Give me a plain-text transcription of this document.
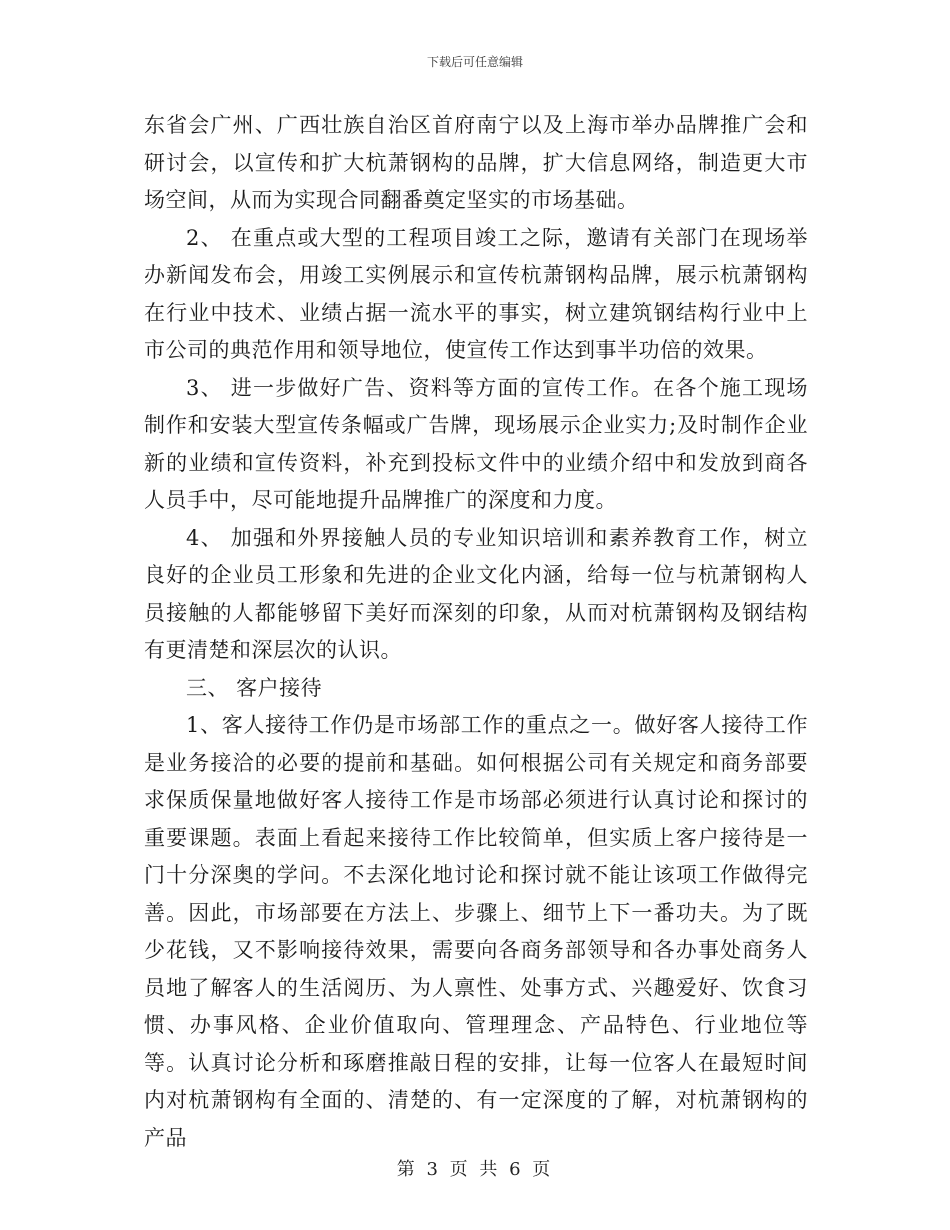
下载后可任意编辑

东省会广州、广西壮族自治区首府南宁以及上海市举办品牌推广会和研讨会，以宣传和扩大杭萧钢构的品牌，扩大信息网络，制造更大市场空间，从而为实现合同翻番奠定坚实的市场基础。

2、 在重点或大型的工程项目竣工之际，邀请有关部门在现场举办新闻发布会，用竣工实例展示和宣传杭萧钢构品牌，展示杭萧钢构在行业中技术、业绩占据一流水平的事实，树立建筑钢结构行业中上市公司的典范作用和领导地位，使宣传工作达到事半功倍的效果。

3、 进一步做好广告、资料等方面的宣传工作。在各个施工现场制作和安装大型宣传条幅或广告牌，现场展示企业实力;及时制作企业新的业绩和宣传资料，补充到投标文件中的业绩介绍中和发放到商各人员手中，尽可能地提升品牌推广的深度和力度。

4、 加强和外界接触人员的专业知识培训和素养教育工作，树立良好的企业员工形象和先进的企业文化内涵，给每一位与杭萧钢构人员接触的人都能够留下美好而深刻的印象，从而对杭萧钢构及钢结构有更清楚和深层次的认识。

三、 客户接待

1、客人接待工作仍是市场部工作的重点之一。做好客人接待工作是业务接洽的必要的提前和基础。如何根据公司有关规定和商务部要求保质保量地做好客人接待工作是市场部必须进行认真讨论和探讨的重要课题。表面上看起来接待工作比较简单，但实质上客户接待是一门十分深奥的学问。不去深化地讨论和探讨就不能让该项工作做得完善。因此，市场部要在方法上、步骤上、细节上下一番功夫。为了既少花钱，又不影响接待效果，需要向各商务部领导和各办事处商务人员地了解客人的生活阅历、为人禀性、处事方式、兴趣爱好、饮食习惯、办事风格、企业价值取向、管理理念、产品特色、行业地位等等。认真讨论分析和琢磨推敲日程的安排，让每一位客人在最短时间内对杭萧钢构有全面的、清楚的、有一定深度的了解，对杭萧钢构的产品

第 3 页 共 6 页
